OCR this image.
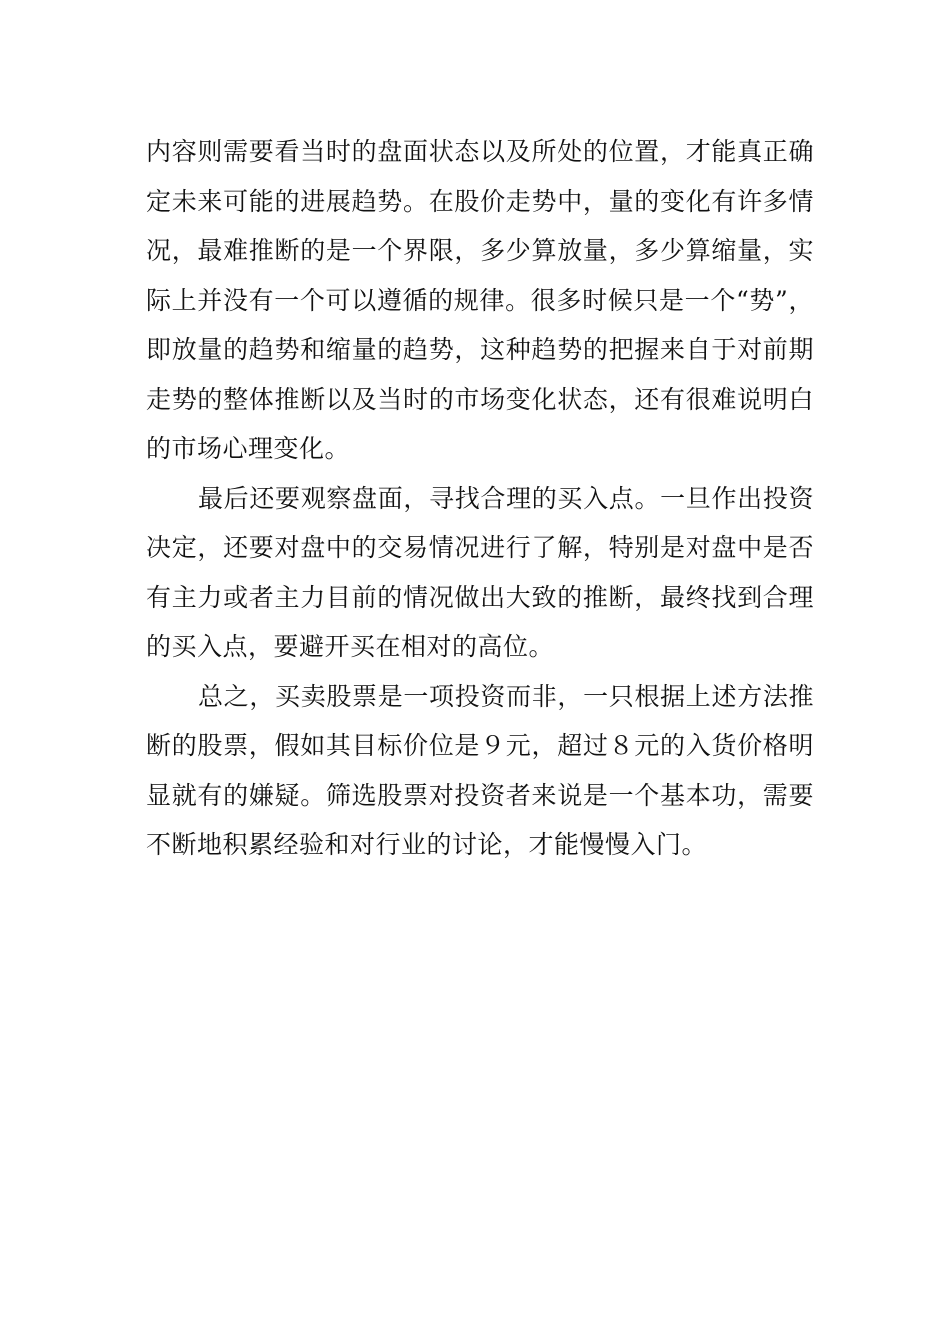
内容则需要看当时的盘面状态以及所处的位置，才能真正确定未来可能的进展趋势。在股价走势中，量的变化有许多情况，最难推断的是一个界限，多少算放量，多少算缩量，实际上并没有一个可以遵循的规律。很多时候只是一个“势”，即放量的趋势和缩量的趋势，这种趋势的把握来自于对前期走势的整体推断以及当时的市场变化状态，还有很难说明白的市场心理变化。

最后还要观察盘面，寻找合理的买入点。一旦作出投资决定，还要对盘中的交易情况进行了解，特别是对盘中是否有主力或者主力目前的情况做出大致的推断，最终找到合理的买入点，要避开买在相对的高位。

总之，买卖股票是一项投资而非，一只根据上述方法推断的股票，假如其目标价位是９元，超过８元的入货价格明显就有的嫌疑。筛选股票对投资者来说是一个基本功，需要不断地积累经验和对行业的讨论，才能慢慢入门。
